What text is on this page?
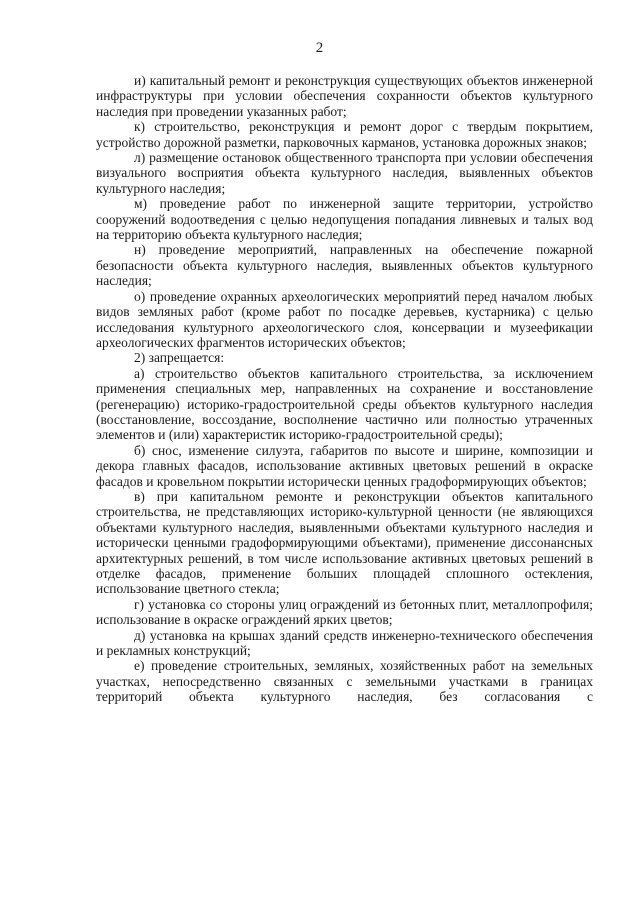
2

и) капитальный ремонт и реконструкция существующих объектов инженерной инфраструктуры при условии обеспечения сохранности объектов культурного наследия при проведении указанных работ;

к) строительство, реконструкция и ремонт дорог с твердым покрытием, устройство дорожной разметки, парковочных карманов, установка дорожных знаков;

л) размещение остановок общественного транспорта при условии обеспечения визуального восприятия объекта культурного наследия, выявленных объектов культурного наследия;

м) проведение работ по инженерной защите территории, устройство сооружений водоотведения с целью недопущения попадания ливневых и талых вод на территорию объекта культурного наследия;

н) проведение мероприятий, направленных на обеспечение пожарной безопасности объекта культурного наследия, выявленных объектов культурного наследия;

о) проведение охранных археологических мероприятий перед началом любых видов земляных работ (кроме работ по посадке деревьев, кустарника) с целью исследования культурного археологического слоя, консервации и музеефикации археологических фрагментов исторических объектов;

2) запрещается:

а) строительство объектов капитального строительства, за исключением применения специальных мер, направленных на сохранение и восстановление (регенерацию) историко-градостроительной среды объектов культурного наследия (восстановление, воссоздание, восполнение частично или полностью утраченных элементов и (или) характеристик историко-градостроительной среды);

б) снос, изменение силуэта, габаритов по высоте и ширине, композиции и декора главных фасадов, использование активных цветовых решений в окраске фасадов и кровельном покрытии исторически ценных градоформирующих объектов;

в) при капитальном ремонте и реконструкции объектов капитального строительства, не представляющих историко-культурной ценности (не являющихся объектами культурного наследия, выявленными объектами культурного наследия и исторически ценными градоформирующими объектами), применение диссонансных архитектурных решений, в том числе использование активных цветовых решений в отделке фасадов, применение больших площадей сплошного остекления, использование цветного стекла;

г) установка со стороны улиц ограждений из бетонных плит, металлопрофиля; использование в окраске ограждений ярких цветов;

д) установка на крышах зданий средств инженерно-технического обеспечения и рекламных конструкций;

е) проведение строительных, земляных, хозяйственных работ на земельных участках, непосредственно связанных с земельными участками в границах территорий объекта культурного наследия, без согласования с
